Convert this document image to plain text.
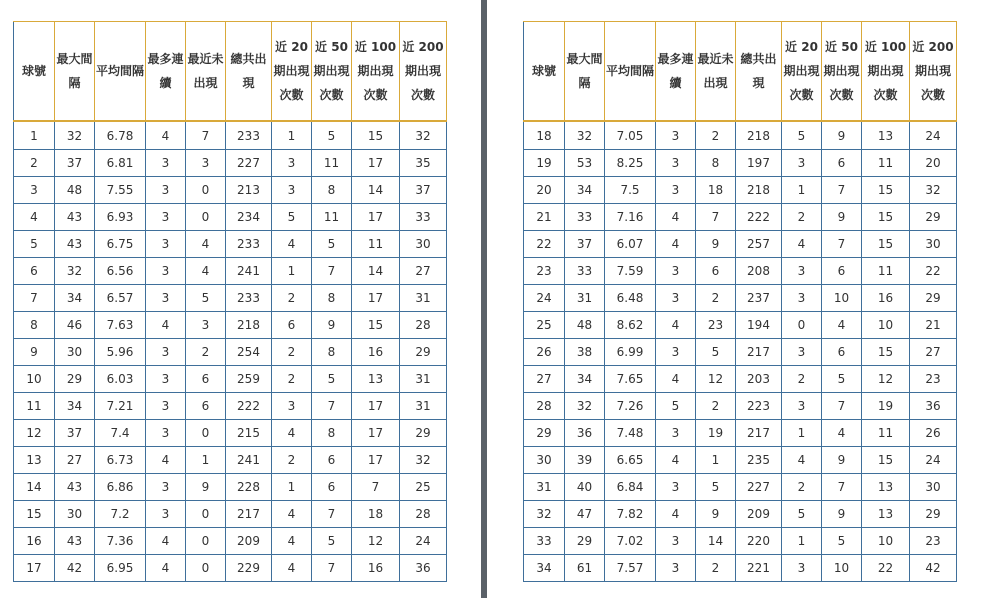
球號	最大間隔	平均間隔	最多連續	最近未出現	總共出現	近 20期出現次數	近 50期出現次數	近 100期出現次數	近 200期出現次數
1	32	6.78	4	7	233	1	5	15	32
2	37	6.81	3	3	227	3	11	17	35
3	48	7.55	3	0	213	3	8	14	37
4	43	6.93	3	0	234	5	11	17	33
5	43	6.75	3	4	233	4	5	11	30
6	32	6.56	3	4	241	1	7	14	27
7	34	6.57	3	5	233	2	8	17	31
8	46	7.63	4	3	218	6	9	15	28
9	30	5.96	3	2	254	2	8	16	29
10	29	6.03	3	6	259	2	5	13	31
11	34	7.21	3	6	222	3	7	17	31
12	37	7.4	3	0	215	4	8	17	29
13	27	6.73	4	1	241	2	6	17	32
14	43	6.86	3	9	228	1	6	7	25
15	30	7.2	3	0	217	4	7	18	28
16	43	7.36	4	0	209	4	5	12	24
17	42	6.95	4	0	229	4	7	16	36
球號	最大間隔	平均間隔	最多連續	最近未出現	總共出現	近 20期出現次數	近 50期出現次數	近 100期出現次數	近 200期出現次數
18	32	7.05	3	2	218	5	9	13	24
19	53	8.25	3	8	197	3	6	11	20
20	34	7.5	3	18	218	1	7	15	32
21	33	7.16	4	7	222	2	9	15	29
22	37	6.07	4	9	257	4	7	15	30
23	33	7.59	3	6	208	3	6	11	22
24	31	6.48	3	2	237	3	10	16	29
25	48	8.62	4	23	194	0	4	10	21
26	38	6.99	3	5	217	3	6	15	27
27	34	7.65	4	12	203	2	5	12	23
28	32	7.26	5	2	223	3	7	19	36
29	36	7.48	3	19	217	1	4	11	26
30	39	6.65	4	1	235	4	9	15	24
31	40	6.84	3	5	227	2	7	13	30
32	47	7.82	4	9	209	5	9	13	29
33	29	7.02	3	14	220	1	5	10	23
34	61	7.57	3	2	221	3	10	22	42
